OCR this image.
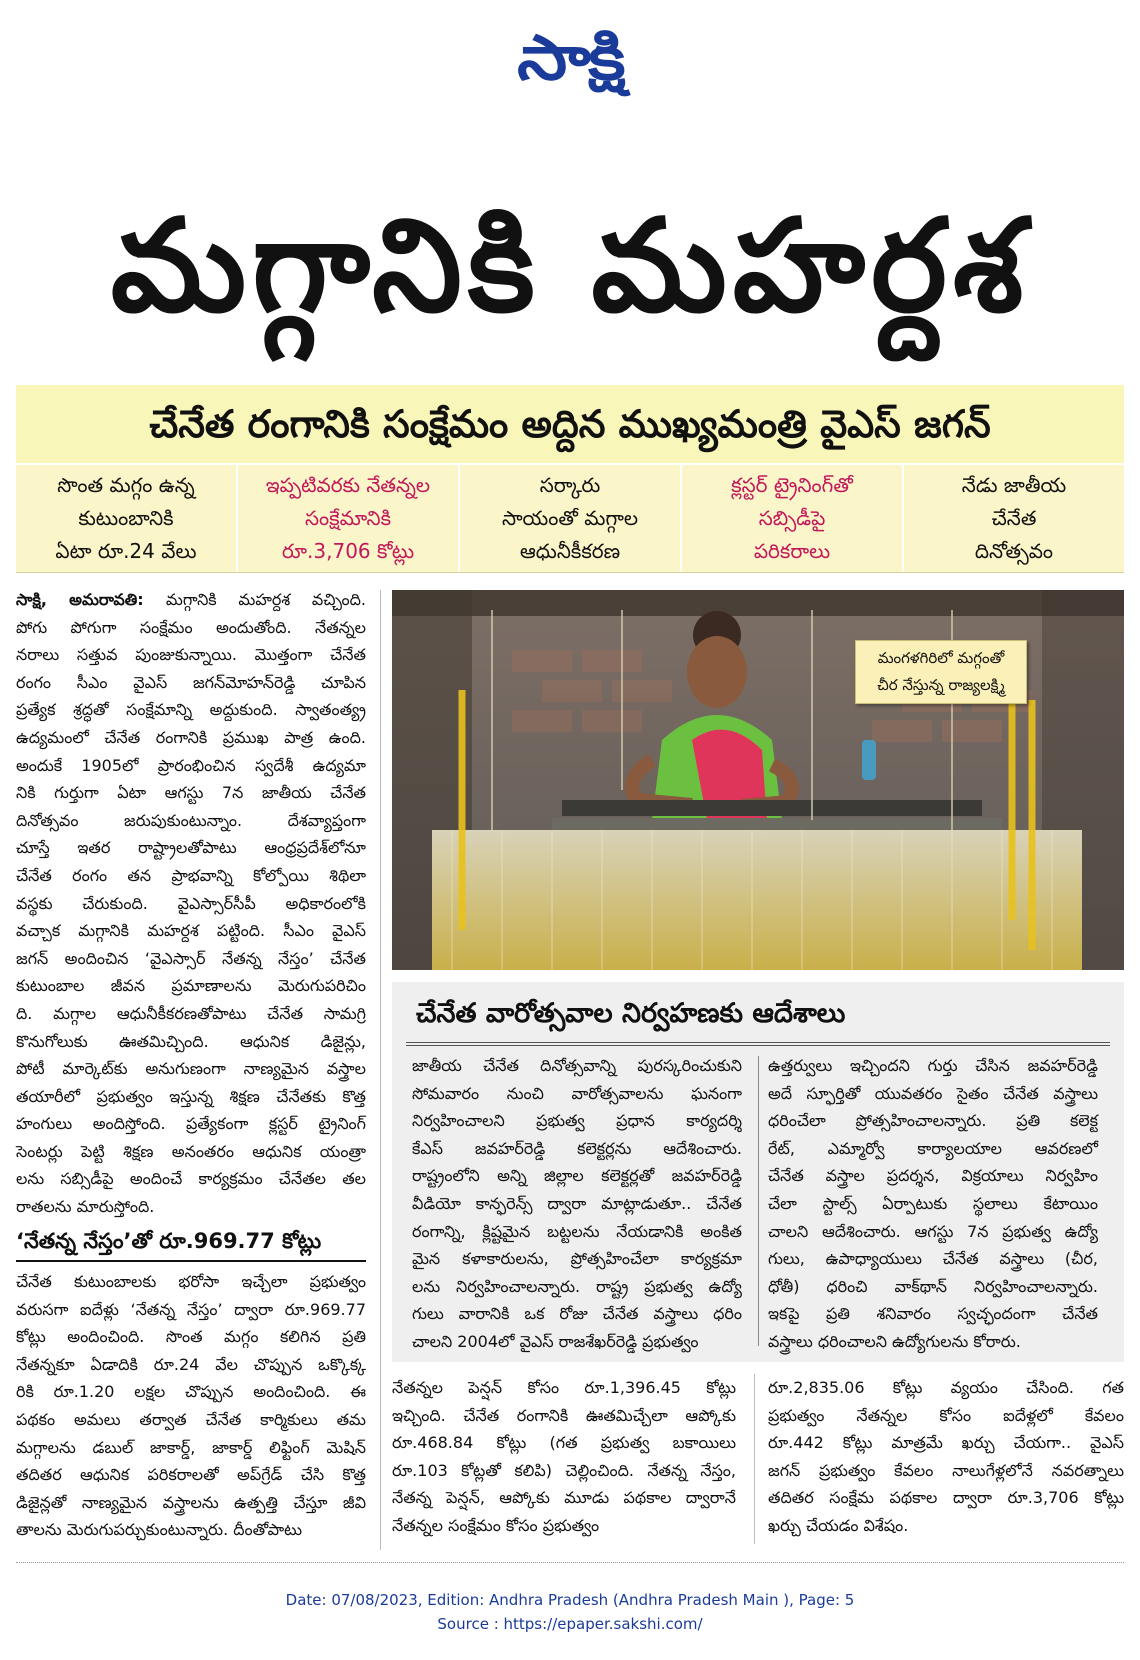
సాక్షి
మగ్గానికి మహర్దశ
చేనేత రంగానికి సంక్షేమం అద్దిన ముఖ్యమంత్రి వైఎస్‌ జగన్‌
సొంత మగ్గం ఉన్న
కుటుంబానికి
ఏటా రూ.24 వేలు
ఇప్పటివరకు నేతన్నల
సంక్షేమానికి
రూ.3,706 కోట్లు
సర్కారు
సాయంతో మగ్గాల
ఆధునీకీకరణ
క్లస్టర్‌ ట్రైనింగ్‌తో
సబ్సిడీపై
పరికరాలు
నేడు జాతీయ
చేనేత
దినోత్సవం

సాక్షి, అమరావతి: మగ్గానికి మహర్దశ వచ్చింది.

పోగు పోగుగా సంక్షేమం అందుతోంది. నేతన్నల

నరాలు సత్తువ పుంజుకున్నాయి. మొత్తంగా చేనేత

రంగం సీఎం వైఎస్‌ జగన్‌మోహన్‌రెడ్డి చూపిన

ప్రత్యేక శ్రద్ధతో సంక్షేమాన్ని అద్దుకుంది. స్వాతంత్య్ర

ఉద్యమంలో చేనేత రంగానికి ప్రముఖ పాత్ర ఉంది.

అందుకే 1905లో ప్రారంభించిన స్వదేశీ ఉద్యమా

నికి గుర్తుగా ఏటా ఆగస్టు 7న జాతీయ చేనేత

దినోత్సవం జరుపుకుంటున్నాం. దేశవ్యాప్తంగా

చూస్తే ఇతర రాష్ట్రాలతోపాటు ఆంధ్రప్రదేశ్‌లోనూ

చేనేత రంగం తన ప్రాభవాన్ని కోల్పోయి శిథిలా

వస్థకు చేరుకుంది. వైఎస్సార్‌సీపీ అధికారంలోకి

వచ్చాక మగ్గానికి మహర్దశ పట్టింది. సీఎం వైఎస్‌

జగన్‌ అందించిన ‘వైఎస్సార్‌ నేతన్న నేస్తం’ చేనేత

కుటుంబాల జీవన ప్రమాణాలను మెరుగుపరిచిం

ది. మగ్గాల ఆధునీకీకరణతోపాటు చేనేత సామగ్రి

కొనుగోలుకు ఊతమిచ్చింది. ఆధునిక డిజైన్లు,

పోటీ మార్కెట్‌కు అనుగుణంగా నాణ్యమైన వస్త్రాల

తయారీలో ప్రభుత్వం ఇస్తున్న శిక్షణ చేనేతకు కొత్త

హంగులు అందిస్తోంది. ప్రత్యేకంగా క్లస్టర్‌ ట్రైనింగ్‌

సెంటర్లు పెట్టి శిక్షణ అనంతరం ఆధునిక యంత్రా

లను సబ్సిడీపై అందించే కార్యక్రమం చేనేతల తల

రాతలను మారుస్తోంది.

‘నేతన్న నేస్తం’తో రూ.969.77 కోట్లు

చేనేత కుటుంబాలకు భరోసా ఇచ్చేలా ప్రభుత్వం

వరుసగా ఐదేళ్లు ‘నేతన్న నేస్తం’ ద్వారా రూ.969.77

కోట్లు అందించింది. సొంత మగ్గం కలిగిన ప్రతి

నేతన్నకూ ఏడాదికి రూ.24 వేల చొప్పున ఒక్కొక్క

రికి రూ.1.20 లక్షల చొప్పున అందించింది. ఈ

పథకం అమలు తర్వాత చేనేత కార్మికులు తమ

మగ్గాలను డబుల్‌ జాకార్డ్, జాకార్డ్‌ లిఫ్టింగ్‌ మెషిన్‌

తదితర ఆధునిక పరికరాలతో అప్‌గ్రేడ్‌ చేసి కొత్త

డిజైన్లతో నాణ్యమైన వస్త్రాలను ఉత్పత్తి చేస్తూ జీవి

తాలను మెరుగుపర్చుకుంటున్నారు. దీంతోపాటు

మంగళగిరిలో మగ్గంతో
చీర నేస్తున్న రాజ్యలక్ష్మి
చేనేత వారోత్సవాల నిర్వహణకు ఆదేశాలు

జాతీయ చేనేత దినోత్సవాన్ని పురస్కరించుకుని

సోమవారం నుంచి వారోత్సవాలను ఘనంగా

నిర్వహించాలని ప్రభుత్వ ప్రధాన కార్యదర్శి

కేఎస్‌ జవహర్‌రెడ్డి కలెక్టర్లను ఆదేశించారు.

రాష్ట్రంలోని అన్ని జిల్లాల కలెక్టర్లతో జవహర్‌రెడ్డి

వీడియో కాన్ఫరెన్స్‌ ద్వారా మాట్లాడుతూ.. చేనేత

రంగాన్ని, క్లిష్టమైన బట్టలను నేయడానికి అంకిత

మైన కళాకారులను, ప్రోత్సహించేలా కార్యక్రమా

లను నిర్వహించాలన్నారు. రాష్ట్ర ప్రభుత్వ ఉద్యో

గులు వారానికి ఒక రోజు చేనేత వస్త్రాలు ధరిం

చాలని 2004లో వైఎస్‌ రాజశేఖర్‌రెడ్డి ప్రభుత్వం

ఉత్తర్వులు ఇచ్చిందని గుర్తు చేసిన జవహర్‌రెడ్డి

అదే స్ఫూర్తితో యువతరం సైతం చేనేత వస్త్రాలు

ధరించేలా ప్రోత్సహించాలన్నారు. ప్రతి కలెక్ట

రేట్, ఎమ్మార్వో కార్యాలయాల ఆవరణలో

చేనేత వస్త్రాల ప్రదర్శన, విక్రయాలు నిర్వహిం

చేలా స్టాల్స్‌ ఏర్పాటుకు స్థలాలు కేటాయిం

చాలని ఆదేశించారు. ఆగస్టు 7న ప్రభుత్వ ఉద్యో

గులు, ఉపాధ్యాయులు చేనేత వస్త్రాలు (చీర,

ధోతీ) ధరించి వాక్‌థాన్‌ నిర్వహించాలన్నారు.

ఇకపై ప్రతి శనివారం స్వచ్ఛందంగా చేనేత

వస్త్రాలు ధరించాలని ఉద్యోగులను కోరారు.

నేతన్నల పెన్షన్‌ కోసం రూ.1,396.45 కోట్లు

ఇచ్చింది. చేనేత రంగానికి ఊతమిచ్చేలా ఆప్కోకు

రూ.468.84 కోట్లు (గత ప్రభుత్వ బకాయిలు

రూ.103 కోట్లతో కలిపి) చెల్లించింది. నేతన్న నేస్తం,

నేతన్న పెన్షన్, ఆప్కోకు మూడు పథకాల ద్వారానే

నేతన్నల సంక్షేమం కోసం ప్రభుత్వం

రూ.2,835.06 కోట్లు వ్యయం చేసింది. గత

ప్రభుత్వం నేతన్నల కోసం ఐదేళ్లలో కేవలం

రూ.442 కోట్లు మాత్రమే ఖర్చు చేయగా.. వైఎస్‌

జగన్‌ ప్రభుత్వం కేవలం నాలుగేళ్లలోనే నవరత్నాలు

తదితర సంక్షేమ పథకాల ద్వారా రూ.3,706 కోట్లు

ఖర్చు చేయడం విశేషం.

Date: 07/08/2023, Edition: Andhra Pradesh (Andhra Pradesh Main ), Page: 5
Source : https://epaper.sakshi.com/
